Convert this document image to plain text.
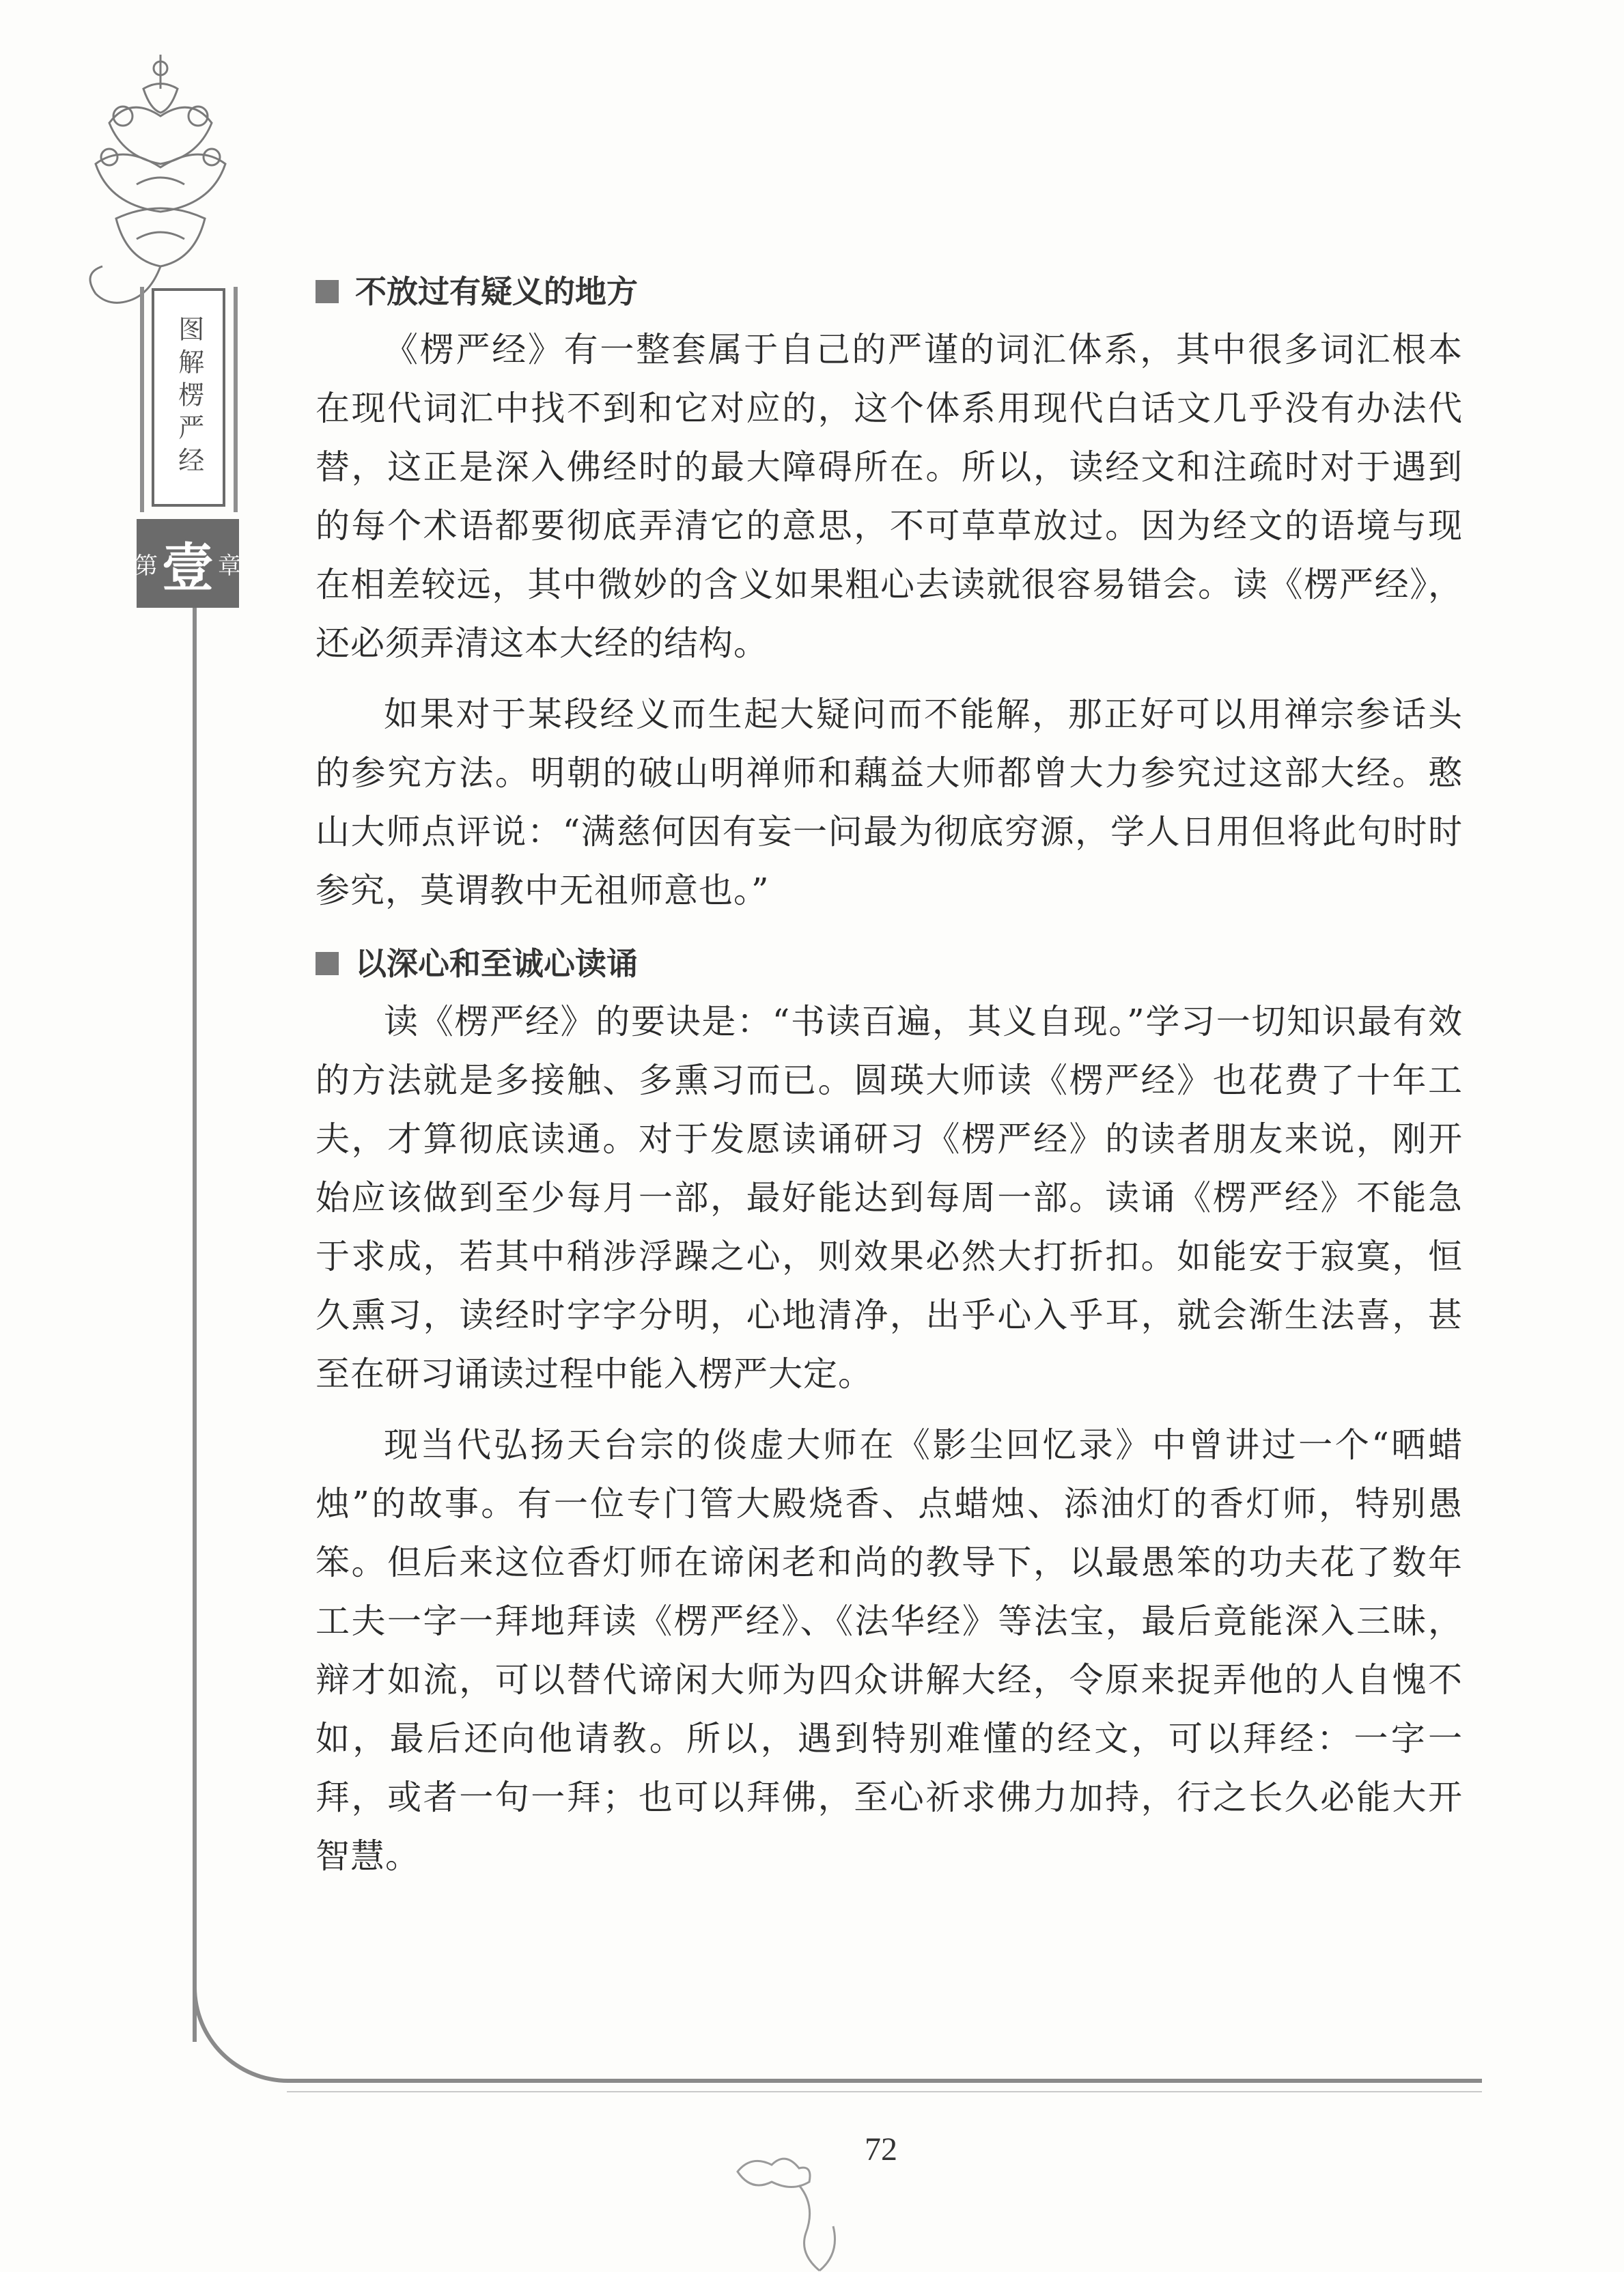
图解楞严经
第 壹 章
不放过有疑义的地方

《楞严经》有一整套属于自己的严谨的词汇体系，其中很多词汇根本在现代词汇中找不到和它对应的，这个体系用现代白话文几乎没有办法代替，这正是深入佛经时的最大障碍所在。所以，读经文和注疏时对于遇到的每个术语都要彻底弄清它的意思，不可草草放过。因为经文的语境与现在相差较远，其中微妙的含义如果粗心去读就很容易错会。读《楞严经》，还必须弄清这本大经的结构。

如果对于某段经义而生起大疑问而不能解，那正好可以用禅宗参话头的参究方法。明朝的破山明禅师和藕益大师都曾大力参究过这部大经。憨山大师点评说：“满慈何因有妄一问最为彻底穷源，学人日用但将此句时时参究，莫谓教中无祖师意也。”

以深心和至诚心读诵

读《楞严经》的要诀是：“书读百遍，其义自现。”学习一切知识最有效的方法就是多接触、多熏习而已。圆瑛大师读《楞严经》也花费了十年工夫，才算彻底读通。对于发愿读诵研习《楞严经》的读者朋友来说，刚开始应该做到至少每月一部，最好能达到每周一部。读诵《楞严经》不能急于求成，若其中稍涉浮躁之心，则效果必然大打折扣。如能安于寂寞，恒久熏习，读经时字字分明，心地清净，出乎心入乎耳，就会渐生法喜，甚至在研习诵读过程中能入楞严大定。

现当代弘扬天台宗的倓虚大师在《影尘回忆录》中曾讲过一个“晒蜡烛”的故事。有一位专门管大殿烧香、点蜡烛、添油灯的香灯师，特别愚笨。但后来这位香灯师在谛闲老和尚的教导下，以最愚笨的功夫花了数年工夫一字一拜地拜读《楞严经》、《法华经》等法宝，最后竟能深入三昧，辩才如流，可以替代谛闲大师为四众讲解大经，令原来捉弄他的人自愧不如，最后还向他请教。所以，遇到特别难懂的经文，可以拜经：一字一拜，或者一句一拜；也可以拜佛，至心祈求佛力加持，行之长久必能大开智慧。

72
